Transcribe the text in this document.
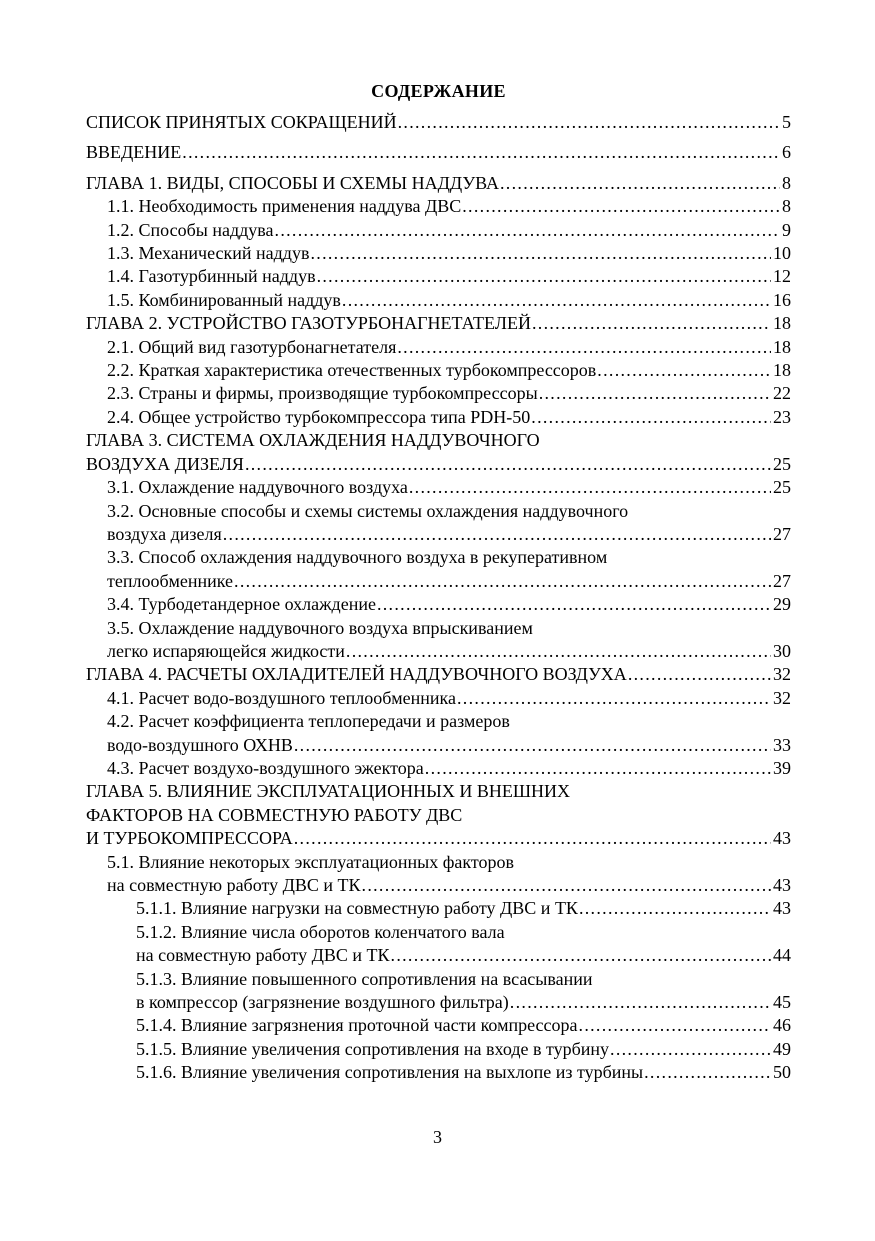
СОДЕРЖАНИЕ
СПИСОК ПРИНЯТЫХ СОКРАЩЕНИЙ . . .	5
ВВЕДЕНИЕ . . .	6
ГЛАВА 1. ВИДЫ, СПОСОБЫ И СХЕМЫ НАДДУВА . . .	8
1.1. Необходимость применения наддува ДВС . . .	8
1.2. Способы наддува . . .	9
1.3. Механический наддув . . .	10
1.4. Газотурбинный наддув . . .	12
1.5. Комбинированный наддув . . .	16
ГЛАВА 2. УСТРОЙСТВО ГАЗОТУРБОНАГНЕТАТЕЛЕЙ . . .	18
2.1. Общий вид газотурбонагнетателя . . .	18
2.2. Краткая характеристика отечественных турбокомпрессоров . . .	18
2.3. Страны и фирмы, производящие турбокомпрессоры . . .	22
2.4. Общее устройство турбокомпрессора типа PDH-50 . . .	23
ГЛАВА 3. СИСТЕМА ОХЛАЖДЕНИЯ НАДДУВОЧНОГО
ВОЗДУХА ДИЗЕЛЯ . . .	25
3.1. Охлаждение наддувочного воздуха . . .	25
3.2. Основные способы и схемы системы охлаждения наддувочного
воздуха дизеля . . .	27
3.3. Способ охлаждения наддувочного воздуха в рекуперативном
теплообменнике . . .	27
3.4. Турбодетандерное охлаждение . . .	29
3.5. Охлаждение наддувочного воздуха впрыскиванием
легко испаряющейся жидкости . . .	30
ГЛАВА 4. РАСЧЕТЫ ОХЛАДИТЕЛЕЙ НАДДУВОЧНОГО ВОЗДУХА . . .	32
4.1. Расчет водо-воздушного теплообменника . . .	32
4.2. Расчет коэффициента теплопередачи и размеров
водо-воздушного ОХНВ . . .	33
4.3. Расчет воздухо-воздушного эжектора . . .	39
ГЛАВА 5. ВЛИЯНИЕ ЭКСПЛУАТАЦИОННЫХ И ВНЕШНИХ
ФАКТОРОВ НА СОВМЕСТНУЮ РАБОТУ ДВС
И ТУРБОКОМПРЕССОРА . . .	43
5.1. Влияние некоторых эксплуатационных факторов
на совместную работу ДВС и ТК . . .	43
5.1.1. Влияние нагрузки на совместную работу ДВС и ТК . . .	43
5.1.2. Влияние числа оборотов коленчатого вала
на совместную работу ДВС и ТК . . .	44
5.1.3. Влияние повышенного сопротивления на всасывании
в компрессор (загрязнение воздушного фильтра) . . .	45
5.1.4. Влияние загрязнения проточной части компрессора . . .	46
5.1.5. Влияние увеличения сопротивления на входе в турбину . . .	49
5.1.6. Влияние увеличения сопротивления на выхлопе из турбины . . .	50
3
